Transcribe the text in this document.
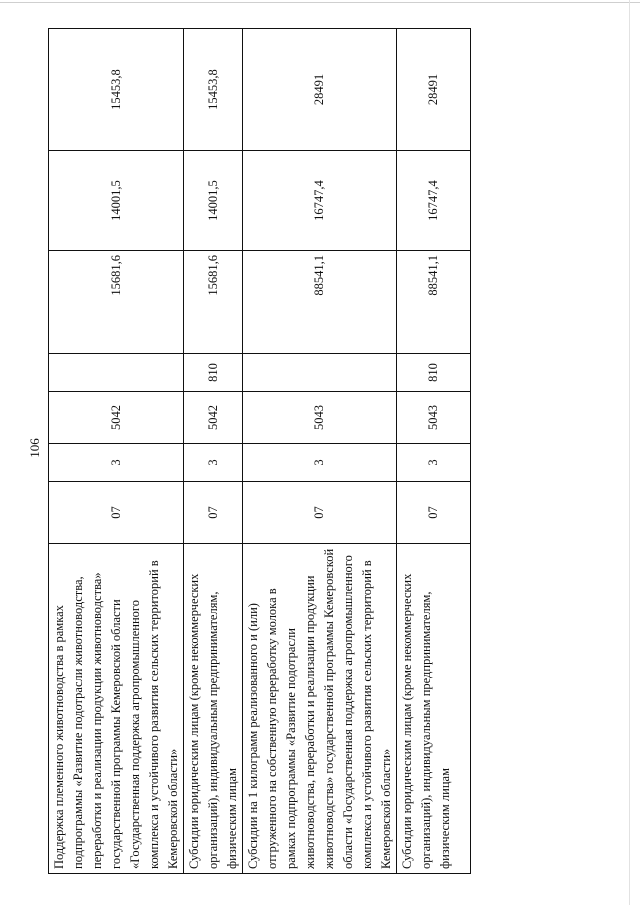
106
Поддержка племенного животноводства в рамках подпрограммы «Развитие подотрасли животноводства, переработки и реализации продукции животноводства» государственной программы Кемеровской области «Государственная поддержка агропромышленного комплекса и устойчивого развития сельских территорий в Кемеровской области»	07	3	5042		15681,6	14001,5	15453,8
Субсидии юридическим лицам (кроме некоммерческих организаций), индивидуальным предпринимателям, физическим лицам	07	3	5042	810	15681,6	14001,5	15453,8
Субсидии на 1 килограмм реализованного и (или) отгруженного на собственную переработку молока в рамках подпрограммы «Развитие подотрасли животноводства, переработки и реализации продукции животноводства» государственной программы Кемеровской области «Государственная поддержка агропромышленного комплекса и устойчивого развития сельских территорий в Кемеровской области»	07	3	5043		88541,1	16747,4	28491
Субсидии юридическим лицам (кроме некоммерческих организаций), индивидуальным предпринимателям, физическим лицам	07	3	5043	810	88541,1	16747,4	28491
